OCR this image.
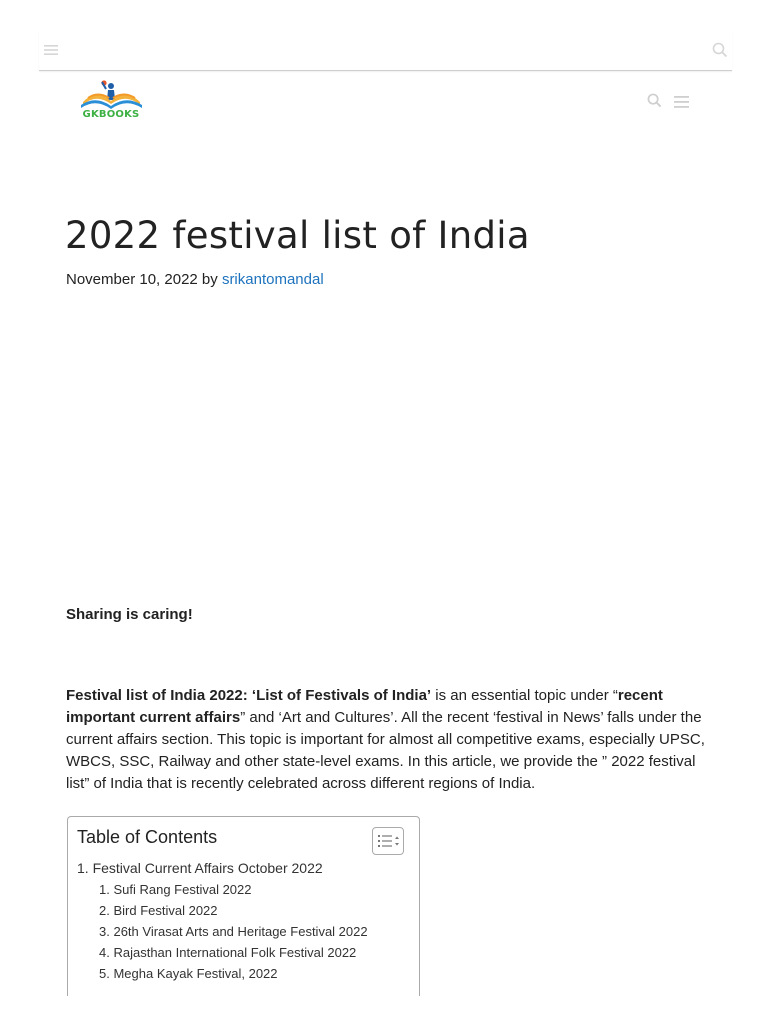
GKBOOKS
2022 festival list of India
November 10, 2022 by srikantomandal
Sharing is caring!

Festival list of India 2022: ‘List of Festivals of India’ is an essential topic under “recent important current affairs” and ‘Art and Cultures’. All the recent ‘festival in News’ falls under the current affairs section. This topic is important for almost all competitive exams, especially UPSC, WBCS, SSC, Railway and other state-level exams. In this article, we provide the ” 2022 festival list” of India that is recently celebrated across different regions of India.

Table of Contents
1. Festival Current Affairs October 2022
1. Sufi Rang Festival 2022
2. Bird Festival 2022
3. 26th Virasat Arts and Heritage Festival 2022
4. Rajasthan International Folk Festival 2022
5. Megha Kayak Festival, 2022
